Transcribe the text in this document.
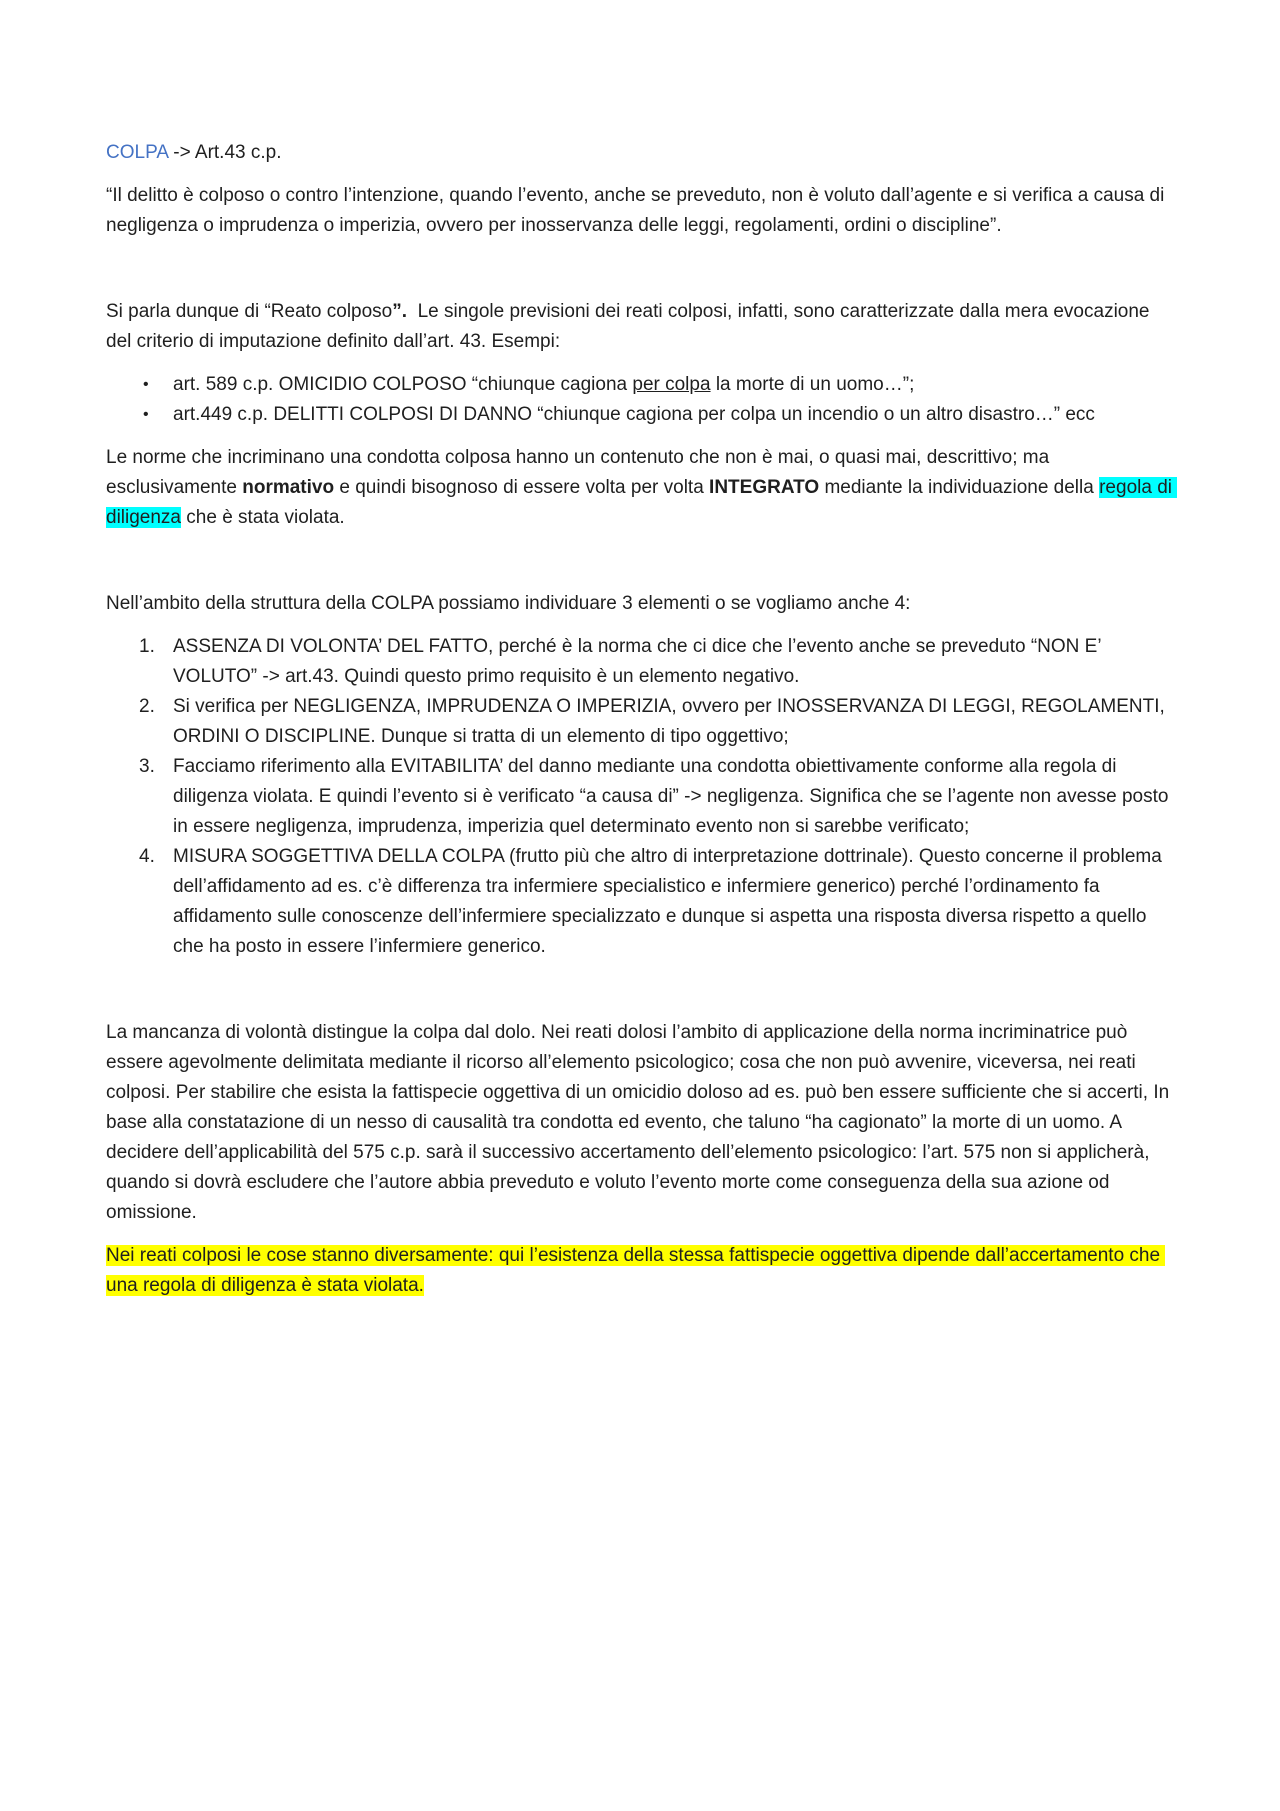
COLPA -> Art.43 c.p.

“Il delitto è colposo o contro l’intenzione, quando l’evento, anche se preveduto, non è voluto dall’agente e si verifica a causa di negligenza o imprudenza o imperizia, ovvero per inosservanza delle leggi, regolamenti, ordini o discipline”.

Si parla dunque di “Reato colposo”.  Le singole previsioni dei reati colposi, infatti, sono caratterizzate dalla mera evocazione del criterio di imputazione definito dall’art. 43. Esempi:

• art. 589 c.p. OMICIDIO COLPOSO “chiunque cagiona per colpa la morte di un uomo…”;
• art.449 c.p. DELITTI COLPOSI DI DANNO “chiunque cagiona per colpa un incendio o un altro disastro…” ecc

Le norme che incriminano una condotta colposa hanno un contenuto che non è mai, o quasi mai, descrittivo; ma esclusivamente normativo e quindi bisognoso di essere volta per volta INTEGRATO mediante la individuazione della regola di diligenza che è stata violata.

Nell’ambito della struttura della COLPA possiamo individuare 3 elementi o se vogliamo anche 4:

1. ASSENZA DI VOLONTA’ DEL FATTO, perché è la norma che ci dice che l’evento anche se preveduto “NON E’ VOLUTO” -> art.43. Quindi questo primo requisito è un elemento negativo.
2. Si verifica per NEGLIGENZA, IMPRUDENZA O IMPERIZIA, ovvero per INOSSERVANZA DI LEGGI, REGOLAMENTI, ORDINI O DISCIPLINE. Dunque si tratta di un elemento di tipo oggettivo;
3. Facciamo riferimento alla EVITABILITA’ del danno mediante una condotta obiettivamente conforme alla regola di diligenza violata. E quindi l’evento si è verificato “a causa di” -> negligenza. Significa che se l’agente non avesse posto in essere negligenza, imprudenza, imperizia quel determinato evento non si sarebbe verificato;
4. MISURA SOGGETTIVA DELLA COLPA (frutto più che altro di interpretazione dottrinale). Questo concerne il problema dell’affidamento ad es. c’è differenza tra infermiere specialistico e infermiere generico) perché l’ordinamento fa affidamento sulle conoscenze dell’infermiere specializzato e dunque si aspetta una risposta diversa rispetto a quello che ha posto in essere l’infermiere generico.

La mancanza di volontà distingue la colpa dal dolo. Nei reati dolosi l’ambito di applicazione della norma incriminatrice può essere agevolmente delimitata mediante il ricorso all’elemento psicologico; cosa che non può avvenire, viceversa, nei reati colposi. Per stabilire che esista la fattispecie oggettiva di un omicidio doloso ad es. può ben essere sufficiente che si accerti, In base alla constatazione di un nesso di causalità tra condotta ed evento, che taluno “ha cagionato” la morte di un uomo. A decidere dell’applicabilità del 575 c.p. sarà il successivo accertamento dell’elemento psicologico: l’art. 575 non si applicherà, quando si dovrà escludere che l’autore abbia preveduto e voluto l’evento morte come conseguenza della sua azione od omissione.

Nei reati colposi le cose stanno diversamente: qui l’esistenza della stessa fattispecie oggettiva dipende dall’accertamento che una regola di diligenza è stata violata.
